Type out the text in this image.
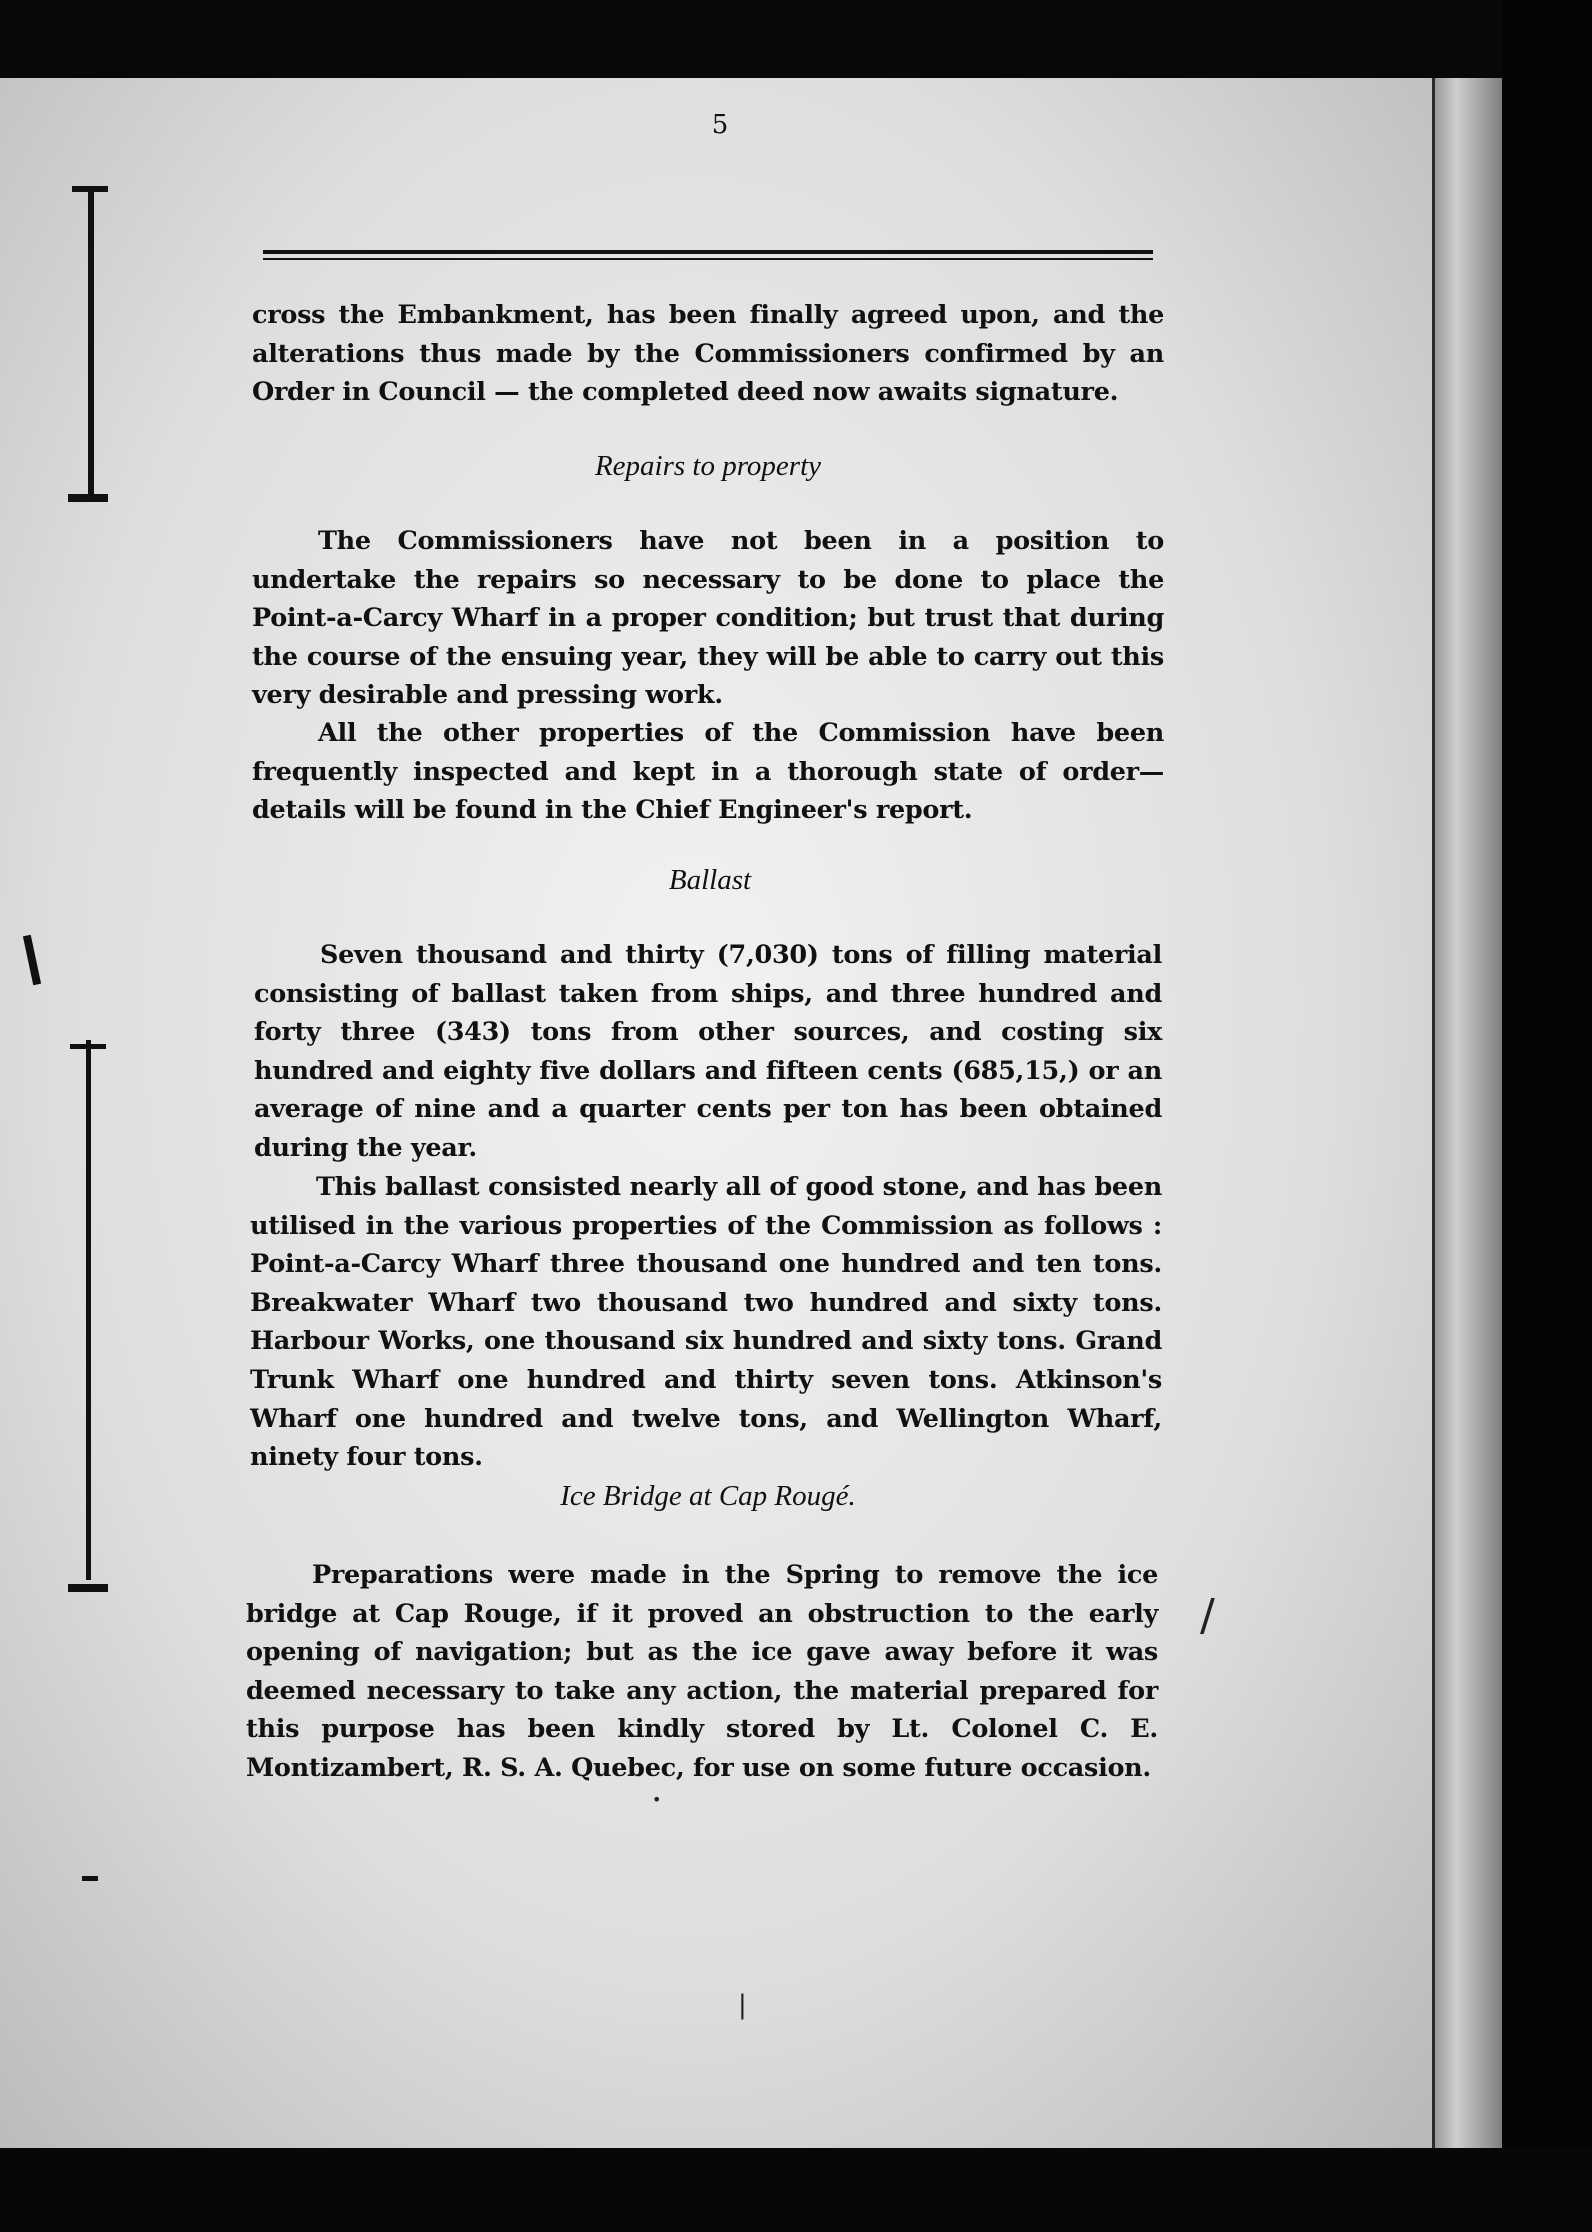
5
cross the Embankment, has been finally agreed upon, and the alterations thus made by the Commissioners confirmed by an Order in Council — the completed deed now awaits signature.
Repairs to property
The Commissioners have not been in a position to undertake the repairs so necessary to be done to place the Point-a-Carcy Wharf in a proper condition; but trust that during the course of the ensuing year, they will be able to carry out this very desirable and pressing work.
All the other properties of the Commission have been frequently inspected and kept in a thorough state of order—details will be found in the Chief Engineer's report.
Ballast
Seven thousand and thirty (7,030) tons of filling material consisting of ballast taken from ships, and three hundred and forty three (343) tons from other sources, and costing six hundred and eighty five dollars and fifteen cents (685,15,) or an average of nine and a quarter cents per ton has been obtained during the year.
This ballast consisted nearly all of good stone, and has been utilised in the various properties of the Commission as follows : Point-a-Carcy Wharf three thousand one hundred and ten tons. Breakwater Wharf two thousand two hundred and sixty tons. Harbour Works, one thousand six hundred and sixty tons. Grand Trunk Wharf one hundred and thirty seven tons. Atkinson's Wharf one hundred and twelve tons, and Wellington Wharf, ninety four tons.
Ice Bridge at Cap Rougé.
Preparations were made in the Spring to remove the ice bridge at Cap Rouge, if it proved an obstruction to the early opening of navigation; but as the ice gave away before it was deemed necessary to take any action, the material prepared for this purpose has been kindly stored by Lt. Colonel C. E. Montizambert, R. S. A. Quebec, for use on some future occasion.
•
|
/
